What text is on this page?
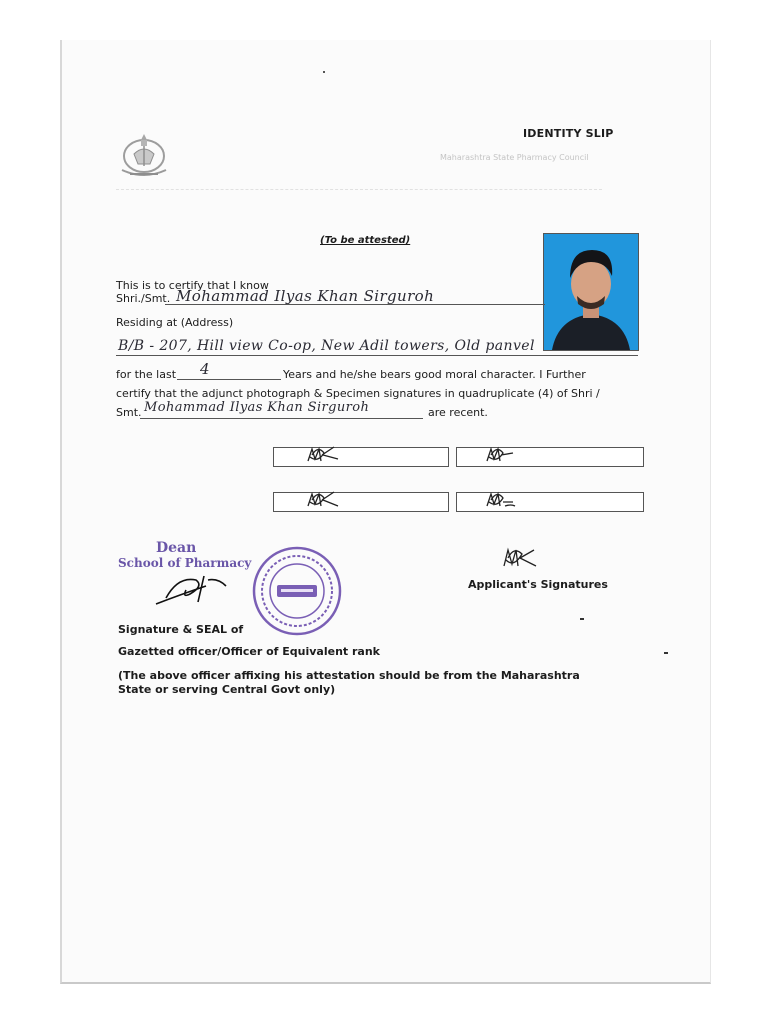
IDENTITY SLIP
Maharashtra State Pharmacy Council
(To be attested)
This is to certify that I know
Shri./Smt. Mohammad Ilyas Khan Sirguroh
Residing at (Address)
B/B - 207, Hill view Co-op, New Adil towers, Old panvel
for the last 4	Years and he/she bears good moral character. I Further
certify that the adjunct photograph & Specimen signatures in quadruplicate (4) of Shri /
Smt. Mohammad Ilyas Khan Sirguroh	are recent.
Dean
School of Pharmacy
Applicant's Signatures
Signature & SEAL of
Gazetted officer/Officer of Equivalent rank
(The above officer affixing his attestation should be from the Maharashtra State or serving Central Govt only)
